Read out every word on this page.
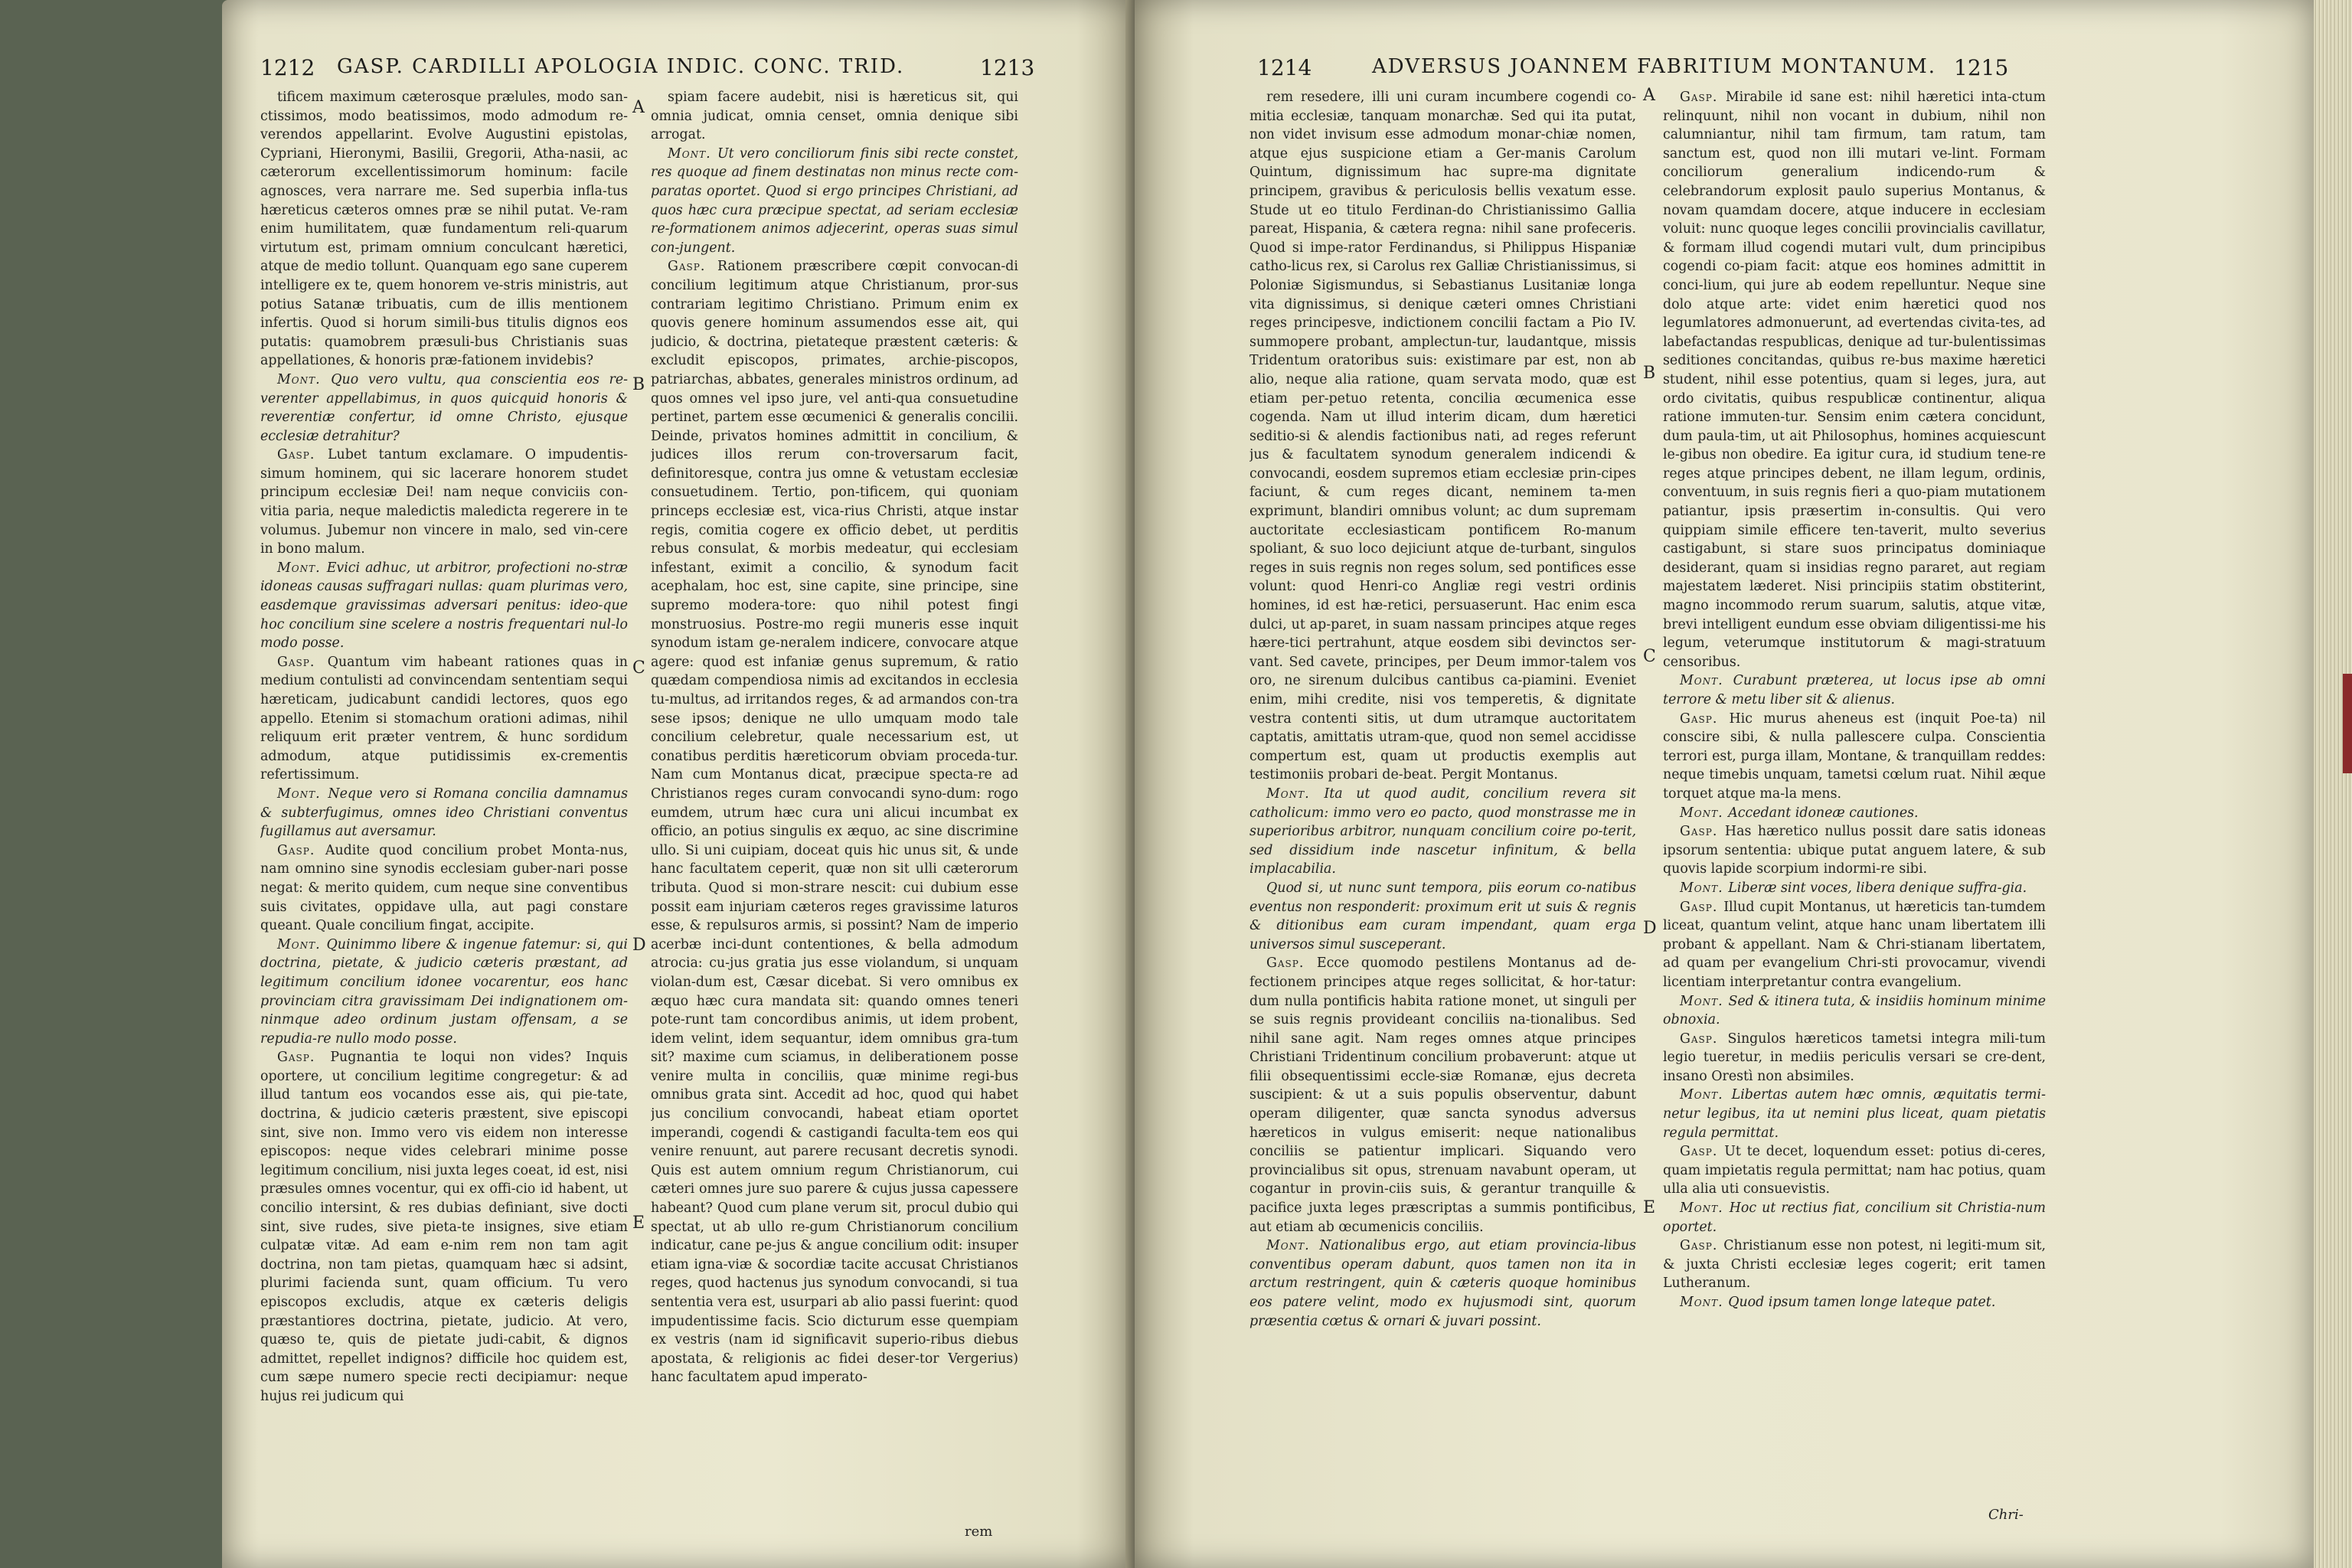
1212 GASP. CARDILLI APOLOGIA INDIC. CONC. TRID.	1213

tificem maximum cæterosque prælules, modo san-ctissimos, modo beatissimos, modo admodum re-verendos appellarint. Evolve Augustini epistolas, Cypriani, Hieronymi, Basilii, Gregorii, Atha-nasii, ac cæterorum excellentissimorum hominum: facile agnosces, vera narrare me. Sed superbia infla-tus hæreticus cæteros omnes præ se nihil putat. Ve-ram enim humilitatem, quæ fundamentum reli-quarum virtutum est, primam omnium conculcant hæretici, atque de medio tollunt. Quanquam ego sane cuperem intelligere ex te, quem honorem ve-stris ministris, aut potius Satanæ tribuatis, cum de illis mentionem infertis. Quod si horum simili-bus titulis dignos eos putatis: quamobrem præsuli-bus Christianis suas appellationes, & honoris præ-fationem invidebis?

Mont. Quo vero vultu, qua conscientia eos re-verenter appellabimus, in quos quicquid honoris & reverentiæ confertur, id omne Christo, ejusque ecclesiæ detrahitur?

Gasp. Lubet tantum exclamare. O impudentis-simum hominem, qui sic lacerare honorem studet principum ecclesiæ Dei! nam neque conviciis con-vitia paria, neque maledictis maledicta regerere in te volumus. Jubemur non vincere in malo, sed vin-cere in bono malum.

Mont. Evici adhuc, ut arbitror, profectioni no-stræ idoneas causas suffragari nullas: quam plurimas vero, easdemque gravissimas adversari penitus: ideo-que hoc concilium sine scelere a nostris frequentari nul-lo modo posse.

Gasp. Quantum vim habeant rationes quas in medium contulisti ad convincendam sententiam sequi hæreticam, judicabunt candidi lectores, quos ego appello. Etenim si stomachum orationi adimas, nihil reliquum erit præter ventrem, & hunc sordidum admodum, atque putidissimis ex-crementis refertissimum.

Mont. Neque vero si Romana concilia damnamus & subterfugimus, omnes ideo Christiani conventus fugillamus aut aversamur.

Gasp. Audite quod concilium probet Monta-nus, nam omnino sine synodis ecclesiam guber-nari posse negat: & merito quidem, cum neque sine conventibus suis civitates, oppidave ulla, aut pagi constare queant. Quale concilium fingat, accipite.

Mont. Quinimmo libere & ingenue fatemur: si, qui doctrina, pietate, & judicio cæteris præstant, ad legitimum concilium idonee vocarentur, eos hanc provinciam citra gravissimam Dei indignationem om-ninmque adeo ordinum justam offensam, a se repudia-re nullo modo posse.

Gasp. Pugnantia te loqui non vides? Inquis oportere, ut concilium legitime congregetur: & ad illud tantum eos vocandos esse ais, qui pie-tate, doctrina, & judicio cæteris præstent, sive episcopi sint, sive non. Immo vero vis eidem non interesse episcopos: neque vides celebrari minime posse legitimum concilium, nisi juxta leges coeat, id est, nisi præsules omnes vocentur, qui ex offi-cio id habent, ut concilio intersint, & res dubias definiant, sive docti sint, sive rudes, sive pieta-te insignes, sive etiam culpatæ vitæ. Ad eam e-nim rem non tam agit doctrina, non tam pietas, quamquam hæc si adsint, plurimi facienda sunt, quam officium. Tu vero episcopos excludis, atque ex cæteris deligis præstantiores doctrina, pietate, judicio. At vero, quæso te, quis de pietate judi-cabit, & dignos admittet, repellet indignos? difficile hoc quidem est, cum sæpe numero specie recti decipiamur: neque hujus rei judicum qui

spiam facere audebit, nisi is hæreticus sit, qui omnia judicat, omnia censet, omnia denique sibi arrogat.

Mont. Ut vero conciliorum finis sibi recte constet, res quoque ad finem destinatas non minus recte com-paratas oportet. Quod si ergo principes Christiani, ad quos hæc cura præcipue spectat, ad seriam ecclesiæ re-formationem animos adjecerint, operas suas simul con-jungent.

Gasp. Rationem præscribere cœpit convocan-di concilium legitimum atque Christianum, pror-sus contrariam legitimo Christiano. Primum enim ex quovis genere hominum assumendos esse ait, qui judicio, & doctrina, pietateque præstent cæteris: & excludit episcopos, primates, archie-piscopos, patriarchas, abbates, generales ministros ordinum, ad quos omnes vel ipso jure, vel anti-qua consuetudine pertinet, partem esse œcumenici & generalis concilii. Deinde, privatos homines admittit in concilium, & judices illos rerum con-troversarum facit, definitoresque, contra jus omne & vetustam ecclesiæ consuetudinem. Tertio, pon-tificem, qui quoniam princeps ecclesiæ est, vica-rius Christi, atque instar regis, comitia cogere ex officio debet, ut perditis rebus consulat, & morbis medeatur, qui ecclesiam infestant, eximit a concilio, & synodum facit acephalam, hoc est, sine capite, sine principe, sine supremo modera-tore: quo nihil potest fingi monstruosius. Postre-mo regii muneris esse inquit synodum istam ge-neralem indicere, convocare atque agere: quod est infaniæ genus supremum, & ratio quædam compendiosa nimis ad excitandos in ecclesia tu-multus, ad irritandos reges, & ad armandos con-tra sese ipsos; denique ne ullo umquam modo tale concilium celebretur, quale necessarium est, ut conatibus perditis hæreticorum obviam proceda-tur. Nam cum Montanus dicat, præcipue specta-re ad Christianos reges curam convocandi syno-dum: rogo eumdem, utrum hæc cura uni alicui incumbat ex officio, an potius singulis ex æquo, ac sine discrimine ullo. Si uni cuipiam, doceat quis hic unus sit, & unde hanc facultatem ceperit, quæ non sit ulli cæterorum tributa. Quod si mon-strare nescit: cui dubium esse possit eam injuriam cæteros reges gravissime laturos esse, & repulsuros armis, si possint? Nam de imperio acerbæ inci-dunt contentiones, & bella admodum atrocia: cu-jus gratia jus esse violandum, si unquam violan-dum est, Cæsar dicebat. Si vero omnibus ex æquo hæc cura mandata sit: quando omnes teneri pote-runt tam concordibus animis, ut idem probent, idem velint, idem sequantur, idem omnibus gra-tum sit? maxime cum sciamus, in deliberationem posse venire multa in conciliis, quæ minime regi-bus omnibus grata sint. Accedit ad hoc, quod qui habet jus concilium convocandi, habeat etiam oportet imperandi, cogendi & castigandi faculta-tem eos qui venire renuunt, aut parere recusant decretis synodi. Quis est autem omnium regum Christianorum, cui cæteri omnes jure suo parere & cujus jussa capessere habeant? Quod cum plane verum sit, procul dubio qui spectat, ut ab ullo re-gum Christianorum concilium indicatur, cane pe-jus & angue concilium odit: insuper etiam igna-viæ & socordiæ tacite accusat Christianos reges, quod hactenus jus synodum convocandi, si tua sententia vera est, usurpari ab alio passi fuerint: quod impudentissime facis. Scio dicturum esse quempiam ex vestris (nam id significavit superio-ribus diebus apostata, & religionis ac fidei deser-tor Vergerius) hanc facultatem apud imperato-

A
B
C
D
E
rem
1214	ADVERSUS JOANNEM FABRITIUM MONTANUM. 1215

rem resedere, illi uni curam incumbere cogendi co-mitia ecclesiæ, tanquam monarchæ. Sed qui ita putat, non videt invisum esse admodum monar-chiæ nomen, atque ejus suspicione etiam a Ger-manis Carolum Quintum, dignissimum hac supre-ma dignitate principem, gravibus & periculosis bellis vexatum esse. Stude ut eo titulo Ferdinan-do Christianissimo Gallia pareat, Hispania, & cætera regna: nihil sane profeceris. Quod si impe-rator Ferdinandus, si Philippus Hispaniæ catho-licus rex, si Carolus rex Galliæ Christianissimus, si Poloniæ Sigismundus, si Sebastianus Lusitaniæ longa vita dignissimus, si denique cæteri omnes Christiani reges principesve, indictionem concilii factam a Pio IV. summopere probant, amplectun-tur, laudantque, missis Tridentum oratoribus suis: existimare par est, non ab alio, neque alia ratione, quam servata modo, quæ est etiam per-petuo retenta, concilia œcumenica esse cogenda. Nam ut illud interim dicam, dum hæretici seditio-si & alendis factionibus nati, ad reges referunt jus & facultatem synodum generalem indicendi & convocandi, eosdem supremos etiam ecclesiæ prin-cipes faciunt, & cum reges dicant, neminem ta-men exprimunt, blandiri omnibus volunt; ac dum supremam auctoritate ecclesiasticam pontificem Ro-manum spoliant, & suo loco dejiciunt atque de-turbant, singulos reges in suis regnis non reges solum, sed pontifices esse volunt: quod Henri-co Angliæ regi vestri ordinis homines, id est hæ-retici, persuaserunt. Hac enim esca dulci, ut ap-paret, in suam nassam principes atque reges hære-tici pertrahunt, atque eosdem sibi devinctos ser-vant. Sed cavete, principes, per Deum immor-talem vos oro, ne sirenum dulcibus cantibus ca-piamini. Eveniet enim, mihi credite, nisi vos temperetis, & dignitate vestra contenti sitis, ut dum utramque auctoritatem captatis, amittatis utram-que, quod non semel accidisse compertum est, quam ut productis exemplis aut testimoniis probari de-beat. Pergit Montanus.

Mont. Ita ut quod audit, concilium revera sit catholicum: immo vero eo pacto, quod monstrasse me in superioribus arbitror, nunquam concilium coire po-terit, sed dissidium inde nascetur infinitum, & bella implacabilia.

Quod si, ut nunc sunt tempora, piis eorum co-natibus eventus non responderit: proximum erit ut suis & regnis & ditionibus eam curam impendant, quam erga universos simul susceperant.

Gasp. Ecce quomodo pestilens Montanus ad de-fectionem principes atque reges sollicitat, & hor-tatur: dum nulla pontificis habita ratione monet, ut singuli per se suis regnis provideant conciliis na-tionalibus. Sed nihil sane agit. Nam reges omnes atque principes Christiani Tridentinum concilium probaverunt: atque ut filii obsequentissimi eccle-siæ Romanæ, ejus decreta suscipient: & ut a suis populis observentur, dabunt operam diligenter, quæ sancta synodus adversus hæreticos in vulgus emiserit: neque nationalibus conciliis se patientur implicari. Siquando vero provincialibus sit opus, strenuam navabunt operam, ut cogantur in provin-ciis suis, & gerantur tranquille & pacifice juxta leges præscriptas a summis pontificibus, aut etiam ab œcumenicis conciliis.

Mont. Nationalibus ergo, aut etiam provincia-libus conventibus operam dabunt, quos tamen non ita in arctum restringent, quin & cæteris quoque hominibus eos patere velint, modo ex hujusmodi sint, quorum præsentia cœtus & ornari & juvari possint.

Gasp. Mirabile id sane est: nihil hæretici inta-ctum relinquunt, nihil non vocant in dubium, nihil non calumniantur, nihil tam firmum, tam ratum, tam sanctum est, quod non illi mutari ve-lint. Formam conciliorum generalium indicendo-rum & celebrandorum explosit paulo superius Montanus, & novam quamdam docere, atque inducere in ecclesiam voluit: nunc quoque leges concilii provincialis cavillatur, & formam illud cogendi mutari vult, dum principibus cogendi co-piam facit: atque eos homines admittit in conci-lium, qui jure ab eodem repelluntur. Neque sine dolo atque arte: videt enim hæretici quod nos legumlatores admonuerunt, ad evertendas civita-tes, ad labefactandas respublicas, denique ad tur-bulentissimas seditiones concitandas, quibus re-bus maxime hæretici student, nihil esse potentius, quam si leges, jura, aut ordo civitatis, quibus respublicæ continentur, aliqua ratione immuten-tur. Sensim enim cætera concidunt, dum paula-tim, ut ait Philosophus, homines acquiescunt le-gibus non obedire. Ea igitur cura, id studium tene-re reges atque principes debent, ne illam legum, ordinis, conventuum, in suis regnis fieri a quo-piam mutationem patiantur, ipsis præsertim in-consultis. Qui vero quippiam simile efficere ten-taverit, multo severius castigabunt, si stare suos principatus dominiaque desiderant, quam si insidias regno pararet, aut regiam majestatem læderet. Nisi principiis statim obstiterint, magno incommodo rerum suarum, salutis, atque vitæ, brevi intelligent eundum esse obviam diligentissi-me his legum, veterumque institutorum & magi-stratuum censoribus.

Mont. Curabunt præterea, ut locus ipse ab omni terrore & metu liber sit & alienus.

Gasp. Hic murus aheneus est (inquit Poe-ta) nil conscire sibi, & nulla pallescere culpa. Conscientia terrori est, purga illam, Montane, & tranquillam reddes: neque timebis unquam, tametsi cœlum ruat. Nihil æque torquet atque ma-la mens.

Mont. Accedant idoneæ cautiones.

Gasp. Has hæretico nullus possit dare satis idoneas ipsorum sententia: ubique putat anguem latere, & sub quovis lapide scorpium indormi-re sibi.

Mont. Liberæ sint voces, libera denique suffra-gia.

Gasp. Illud cupit Montanus, ut hæreticis tan-tumdem liceat, quantum velint, atque hanc unam libertatem illi probant & appellant. Nam & Chri-stianam libertatem, ad quam per evangelium Chri-sti provocamur, vivendi licentiam interpretantur contra evangelium.

Mont. Sed & itinera tuta, & insidiis hominum minime obnoxia.

Gasp. Singulos hæreticos tametsi integra mili-tum legio tueretur, in mediis periculis versari se cre-dent, insano Orestì non absimiles.

Mont. Libertas autem hæc omnis, æquitatis termi-netur legibus, ita ut nemini plus liceat, quam pietatis regula permittat.

Gasp. Ut te decet, loquendum esset: potius di-ceres, quam impietatis regula permittat; nam hac potius, quam ulla alia uti consuevistis.

Mont. Hoc ut rectius fiat, concilium sit Christia-num oportet.

Gasp. Christianum esse non potest, ni legiti-mum sit, & juxta Christi ecclesiæ leges cogerit; erit tamen Lutheranum.

Mont. Quod ipsum tamen longe lateque patet.

A
B
C
D
E
Chri-
